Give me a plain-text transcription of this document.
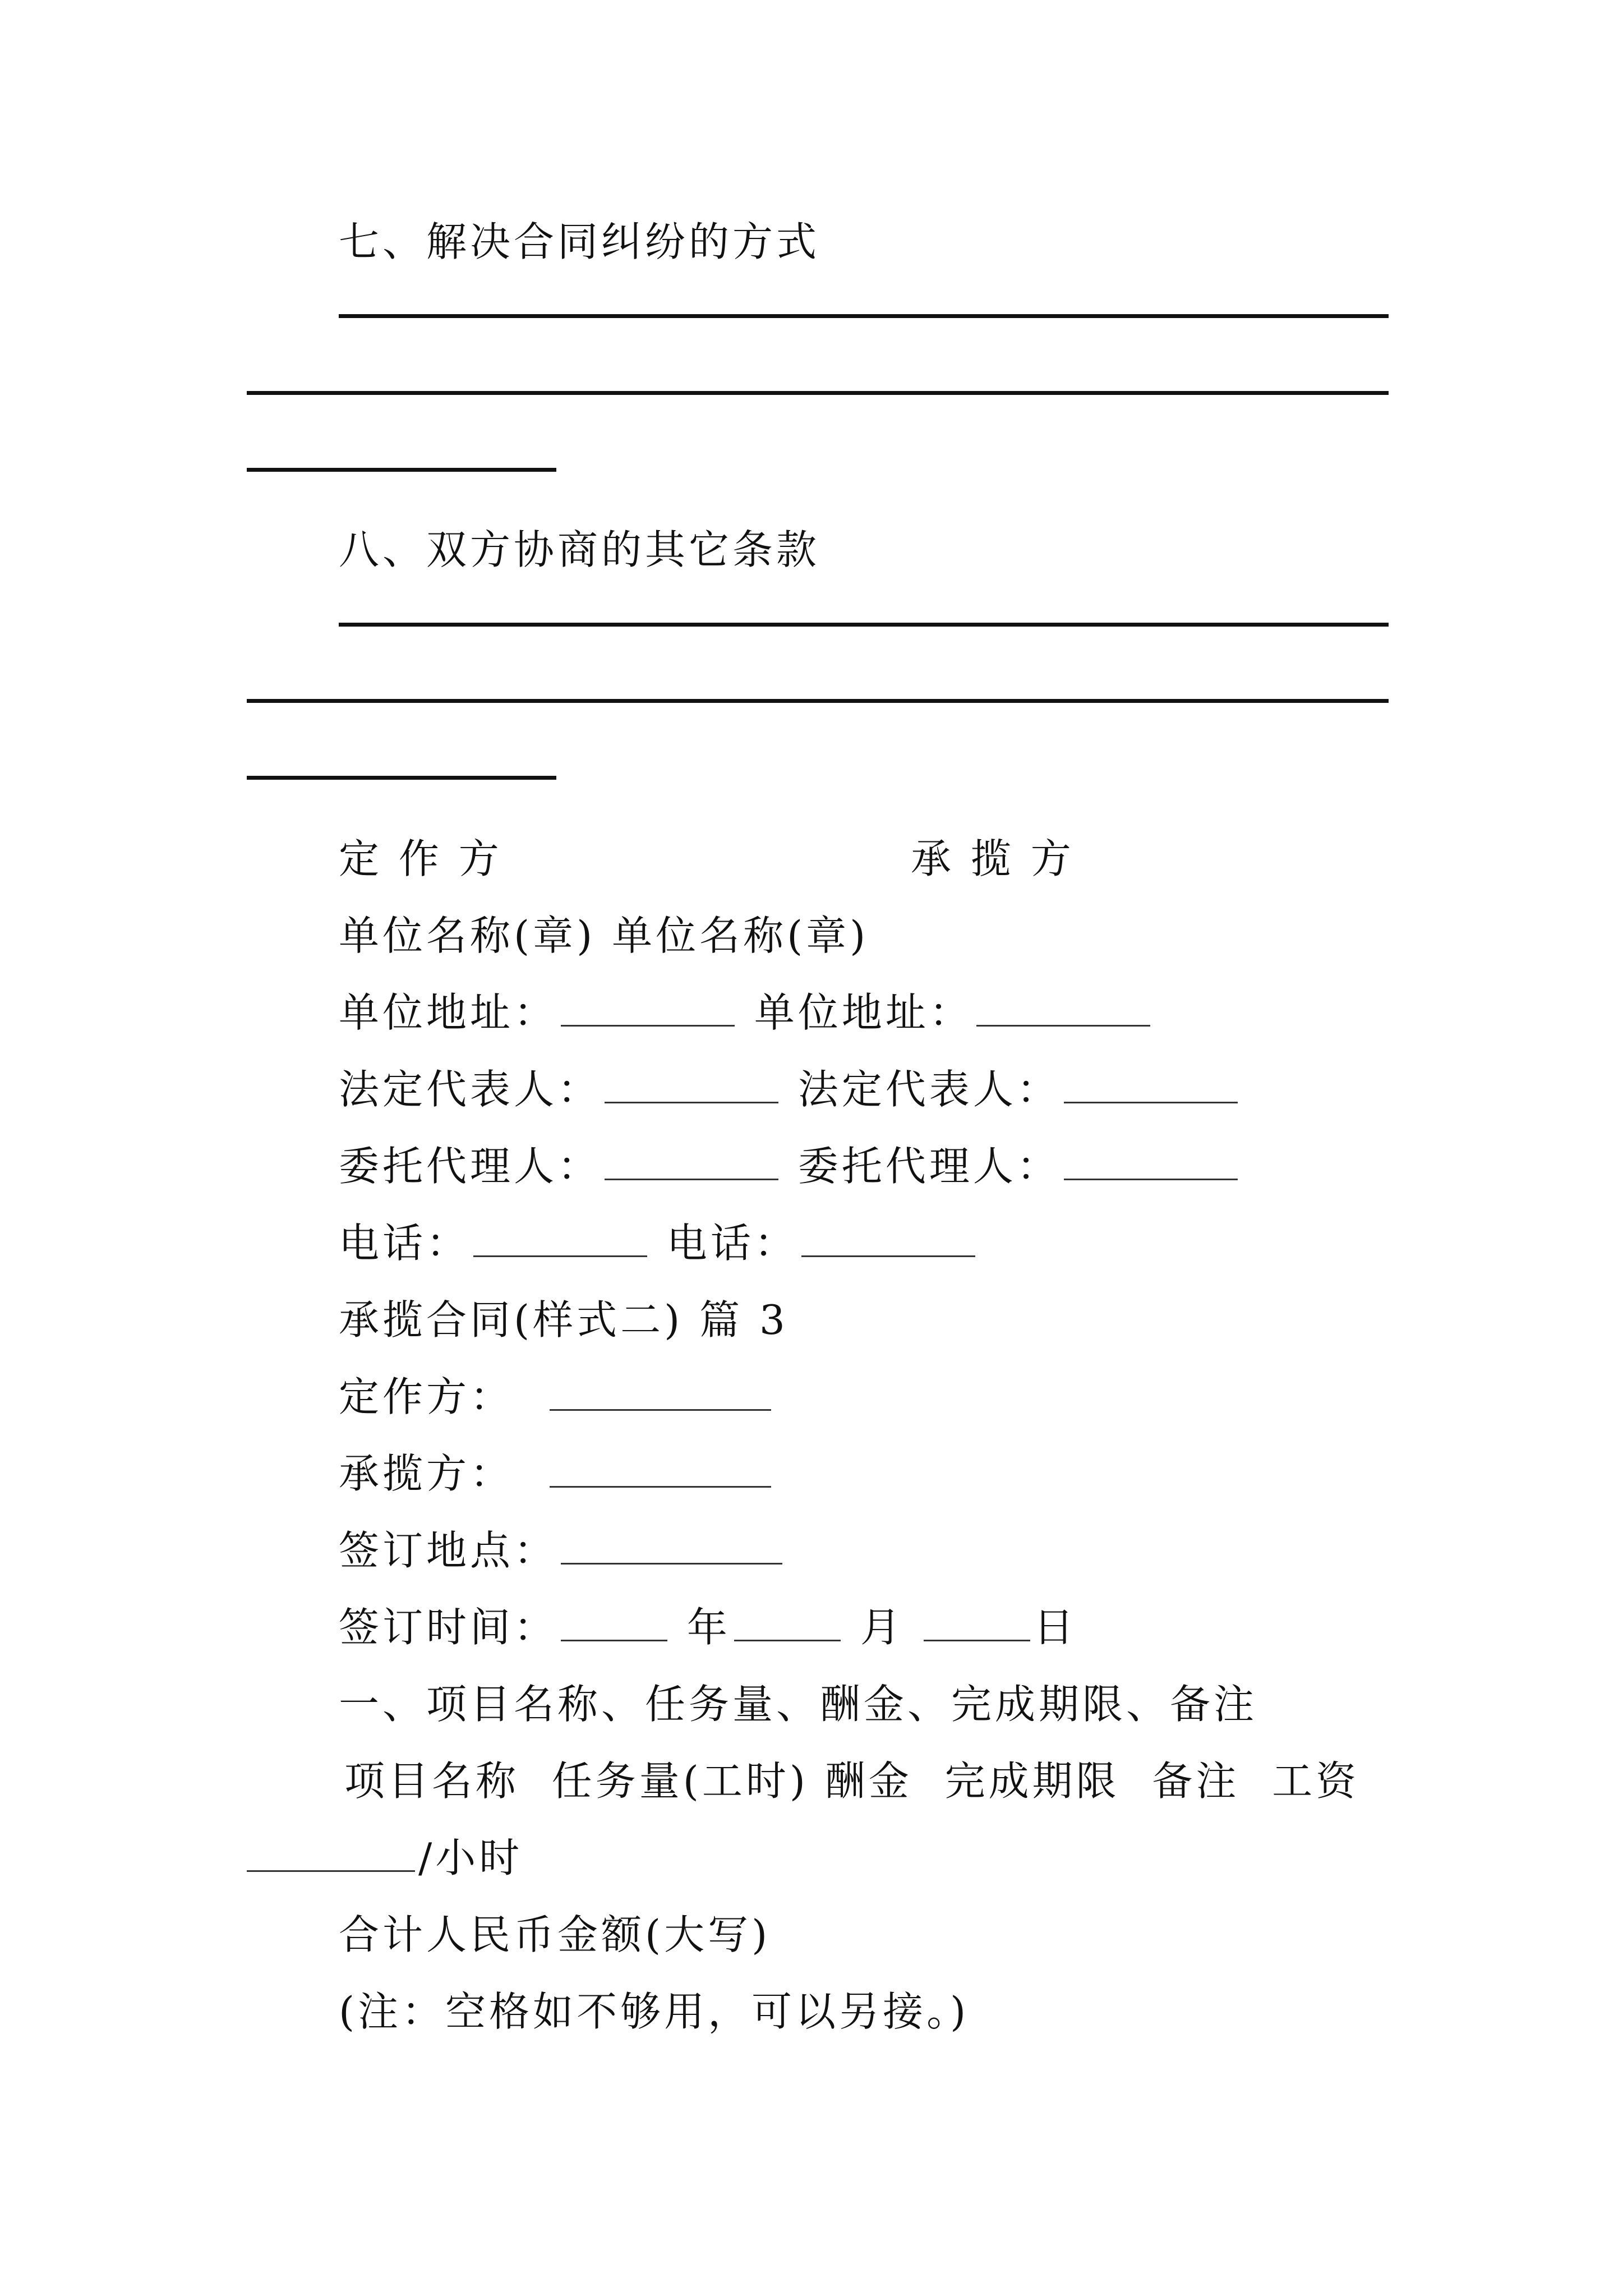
七、解决合同纠纷的方式
八、双方协商的其它条款
定 作 方	承 揽 方
单位名称(章) 单位名称(章)
单位地址：	单位地址：
法定代表人：	法定代表人：
委托代理人：	委托代理人：
电话：	电话：
承揽合同(样式二) 篇 3
定作方：
承揽方：
签订地点：
签订时间：	年	月	日
一、项目名称、任务量、酬金、完成期限、备注
项目名称  任务量(工时) 酬金  完成期限  备注  工资
/小时
合计人民币金额(大写)
(注：空格如不够用，可以另接。)
